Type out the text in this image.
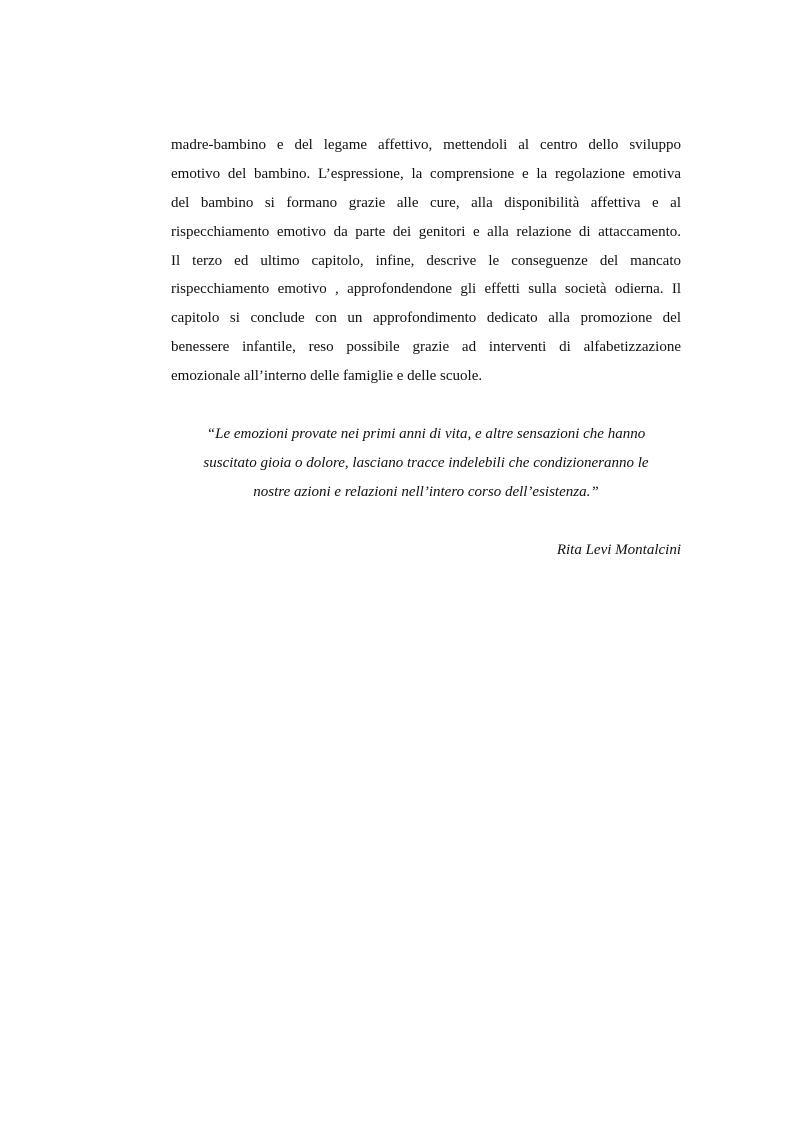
madre-bambino e del legame affettivo, mettendoli al centro dello sviluppo
emotivo del bambino. L’espressione, la comprensione e la regolazione emotiva
del bambino si formano grazie alle cure, alla disponibilità affettiva e al
rispecchiamento emotivo da parte dei genitori e alla relazione di attaccamento.
Il terzo ed ultimo capitolo, infine, descrive le conseguenze del mancato
rispecchiamento emotivo , approfondendone gli effetti sulla società odierna. Il
capitolo si conclude con un approfondimento dedicato alla promozione del
benessere infantile, reso possibile grazie ad interventi di alfabetizzazione
emozionale all’interno delle famiglie e delle scuole.
“Le emozioni provate nei primi anni di vita, e altre sensazioni che hanno
suscitato gioia o dolore, lasciano tracce indelebili che condizioneranno le
nostre azioni e relazioni nell’intero corso dell’esistenza.”
Rita Levi Montalcini
